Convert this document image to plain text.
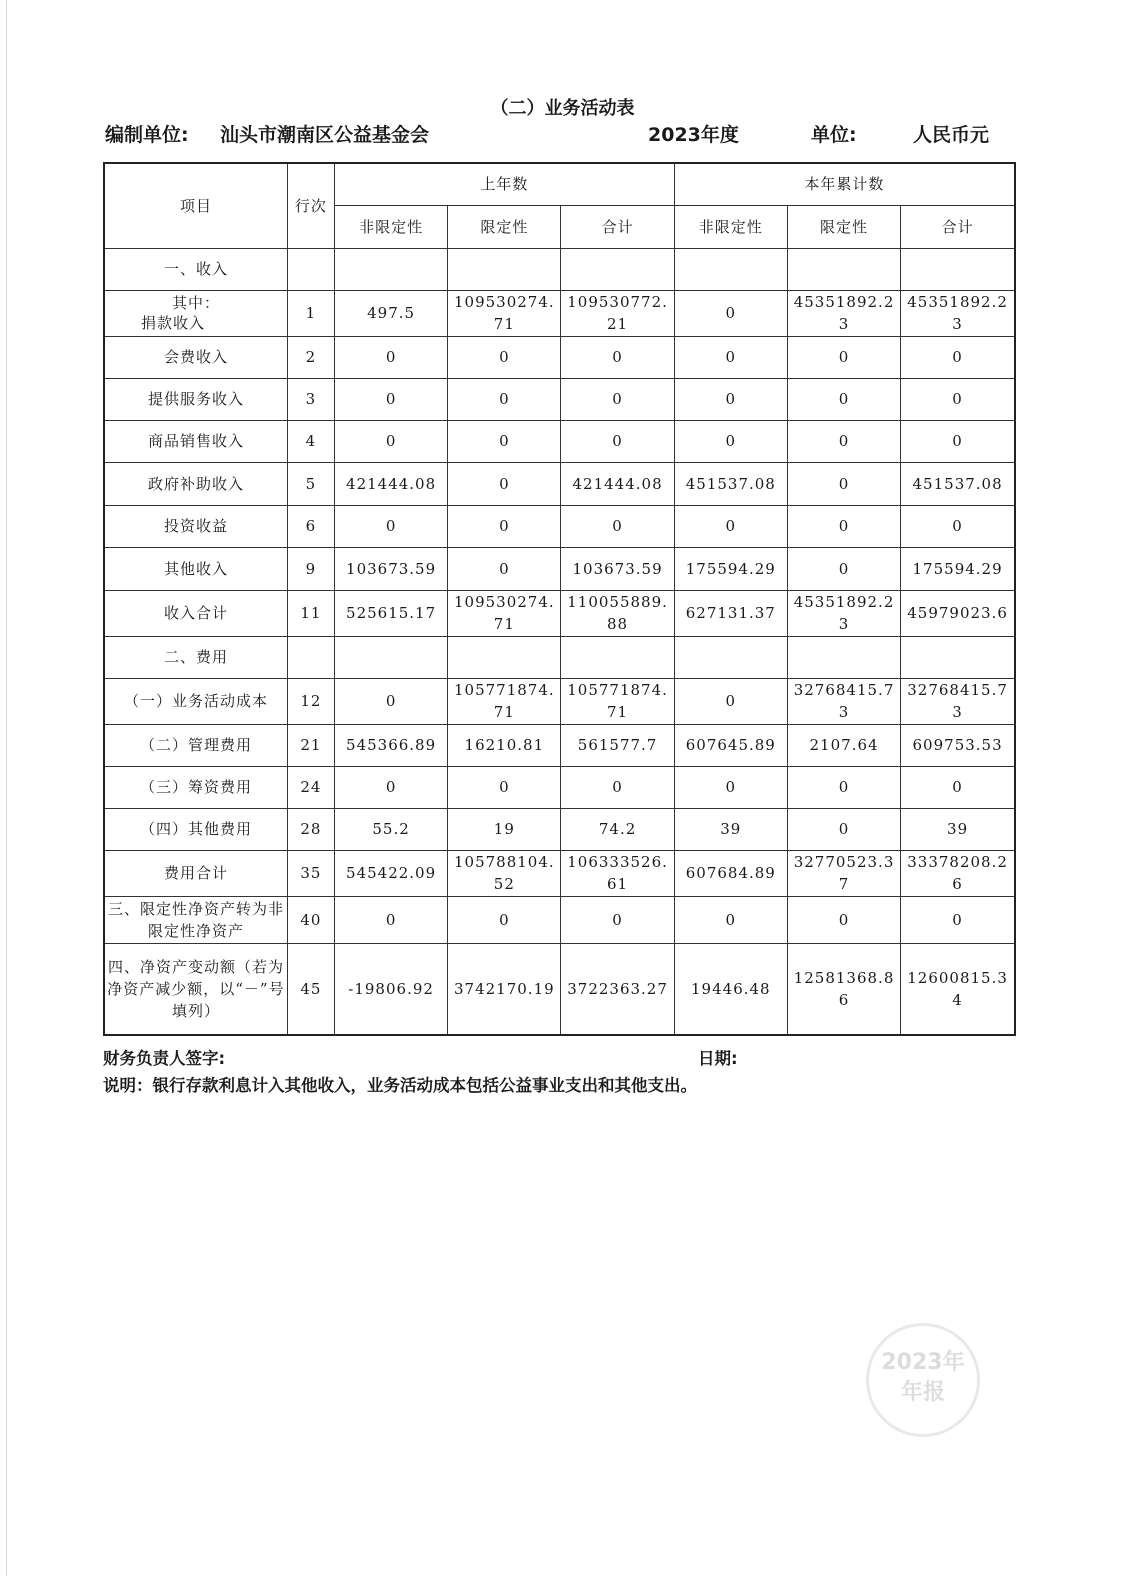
（二）业务活动表
编制单位: 汕头市潮南区公益基金会	2023年度	单位:	人民币元
项目	行次	上年数			本年累计数		
		非限定性	限定性	合计	非限定性	限定性	合计
一、收入							

其中：
捐款收入	1	497.5	109530274.71	109530772.21	0	45351892.23	45351892.23
会费收入	2	0	0	0	0	0	0
提供服务收入	3	0	0	0	0	0	0
商品销售收入	4	0	0	0	0	0	0
政府补助收入	5	421444.08	0	421444.08	451537.08	0	451537.08
投资收益	6	0	0	0	0	0	0
其他收入	9	103673.59	0	103673.59	175594.29	0	175594.29
收入合计	11	525615.17	109530274.71	110055889.88	627131.37	45351892.23	45979023.6
二、费用							
（一）业务活动成本	12	0	105771874.71	105771874.71	0	32768415.73	32768415.73
（二）管理费用	21	545366.89	16210.81	561577.7	607645.89	2107.64	609753.53
（三）筹资费用	24	0	0	0	0	0	0
（四）其他费用	28	55.2	19	74.2	39	0	39
费用合计	35	545422.09	105788104.52	106333526.61	607684.89	32770523.37	33378208.26
三、限定性净资产转为非限定性净资产	40	0	0	0	0	0	0
四、净资产变动额（若为净资产减少额，以“－”号填列）	45	-19806.92	3742170.19	3722363.27	19446.48	12581368.86	12600815.34
财务负责人签字:	日期:
说明：银行存款利息计入其他收入，业务活动成本包括公益事业支出和其他支出。
2023年
年报
